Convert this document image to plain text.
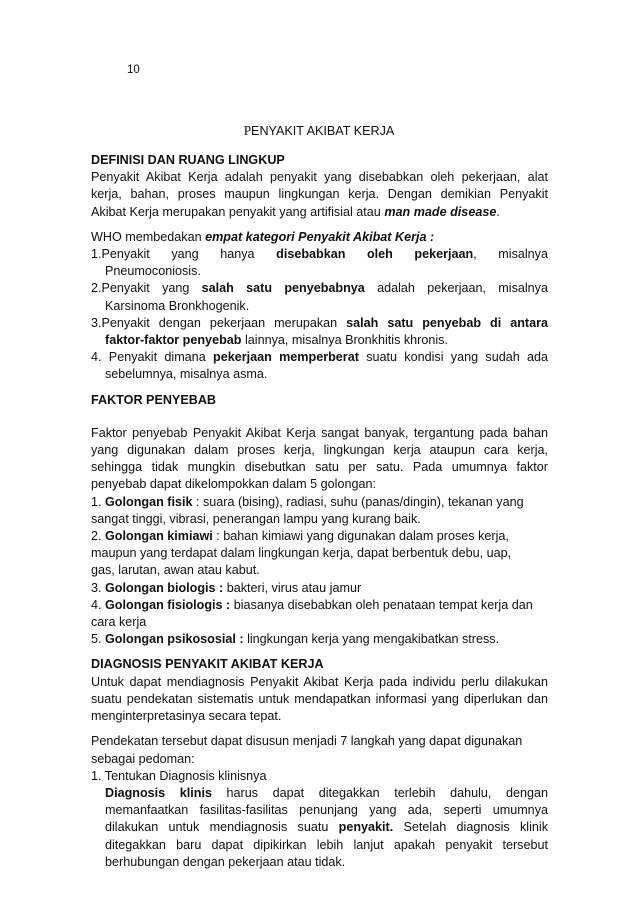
10
PENYAKIT AKIBAT KERJA

DEFINISI DAN RUANG LINGKUP

Penyakit Akibat Kerja adalah penyakit yang disebabkan oleh pekerjaan, alat
kerja, bahan, proses maupun lingkungan kerja. Dengan demikian Penyakit
Akibat Kerja merupakan penyakit yang artifisial atau man made disease.
WHO membedakan empat kategori Penyakit Akibat Kerja :
1.Penyakit yang hanya disebabkan oleh pekerjaan, misalnya
Pneumoconiosis.
2.Penyakit yang salah satu penyebabnya adalah pekerjaan, misalnya
Karsinoma Bronkhogenik.
3.Penyakit dengan pekerjaan merupakan salah satu penyebab di antara
faktor-faktor penyebab lainnya, misalnya Bronkhitis khronis.
4. Penyakit dimana pekerjaan memperberat suatu kondisi yang sudah ada
sebelumnya, misalnya asma.

FAKTOR PENYEBAB

Faktor penyebab Penyakit Akibat Kerja sangat banyak, tergantung pada bahan
yang digunakan dalam proses kerja, lingkungan kerja ataupun cara kerja,
sehingga tidak mungkin disebutkan satu per satu. Pada umumnya faktor
penyebab dapat dikelompokkan dalam 5 golongan:
1. Golongan fisik : suara (bising), radiasi, suhu (panas/dingin), tekanan yang
sangat tinggi, vibrasi, penerangan lampu yang kurang baik.
2. Golongan kimiawi : bahan kimiawi yang digunakan dalam proses kerja,
maupun yang terdapat dalam lingkungan kerja, dapat berbentuk debu, uap,
gas, larutan, awan atau kabut.
3. Golongan biologis : bakteri, virus atau jamur
4. Golongan fisiologis : biasanya disebabkan oleh penataan tempat kerja dan
cara kerja
5. Golongan psikososial : lingkungan kerja yang mengakibatkan stress.

DIAGNOSIS PENYAKIT AKIBAT KERJA

Untuk dapat mendiagnosis Penyakit Akibat Kerja pada individu perlu dilakukan
suatu pendekatan sistematis untuk mendapatkan informasi yang diperlukan dan
menginterpretasinya secara tepat.
Pendekatan tersebut dapat disusun menjadi 7 langkah yang dapat digunakan
sebagai pedoman:
1. Tentukan Diagnosis klinisnya
Diagnosis klinis harus dapat ditegakkan terlebih dahulu, dengan
memanfaatkan fasilitas-fasilitas penunjang yang ada, seperti umumnya
dilakukan untuk mendiagnosis suatu penyakit. Setelah diagnosis klinik
ditegakkan baru dapat dipikirkan lebih lanjut apakah penyakit tersebut
berhubungan dengan pekerjaan atau tidak.
